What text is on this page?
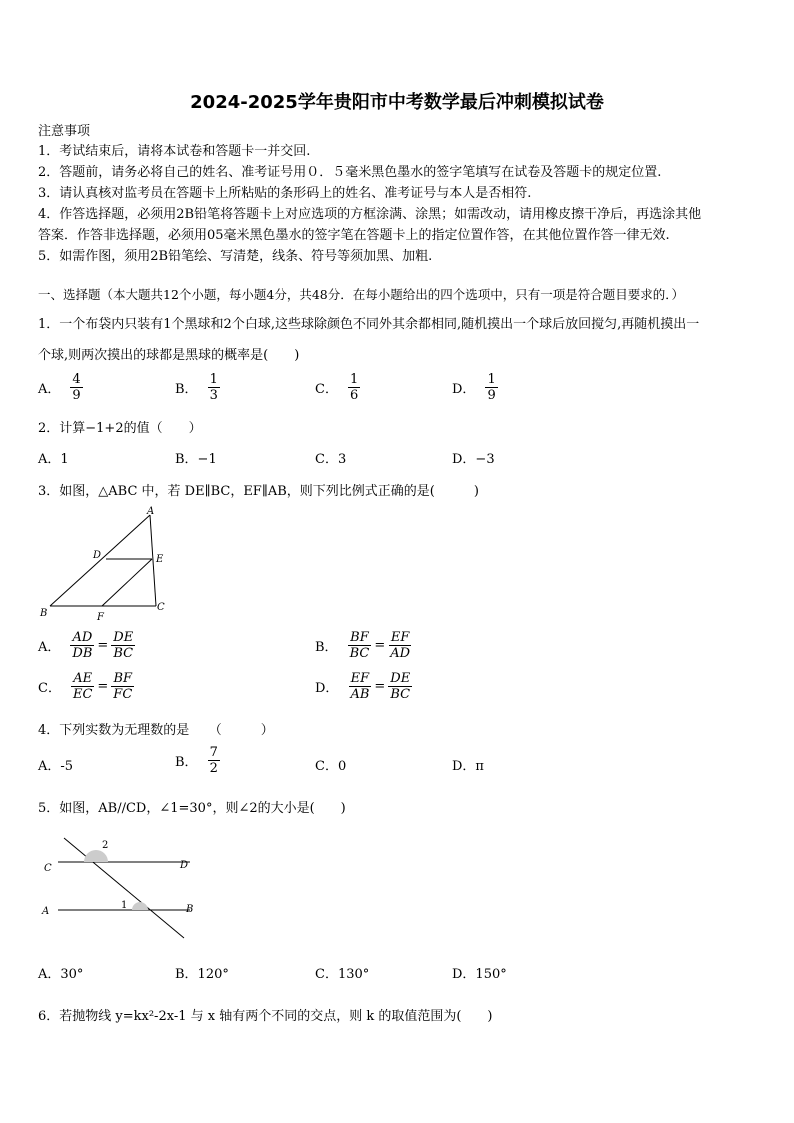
2024-2025学年贵阳市中考数学最后冲刺模拟试卷
注意事项
1．考试结束后，请将本试卷和答题卡一并交回.
2．答题前，请务必将自己的姓名、准考证号用０．５毫米黑色墨水的签字笔填写在试卷及答题卡的规定位置.
3．请认真核对监考员在答题卡上所粘贴的条形码上的姓名、准考证号与本人是否相符.
4．作答选择题，必须用2B铅笔将答题卡上对应选项的方框涂满、涂黑；如需改动，请用橡皮擦干净后，再选涂其他
答案．作答非选择题，必须用05毫米黑色墨水的签字笔在答题卡上的指定位置作答，在其他位置作答一律无效.
5．如需作图，须用2B铅笔绘、写清楚，线条、符号等须加黑、加粗.
一、选择题（本大题共12个小题，每小题4分，共48分．在每小题给出的四个选项中，只有一项是符合题目要求的．）
1．一个布袋内只装有1个黑球和2个白球,这些球除颜色不同外其余都相同,随机摸出一个球后放回搅匀,再随机摸出一
个球,则两次摸出的球都是黑球的概率是(　　)
A． $\frac{4}{9}$	B． $\frac{1}{3}$	C． $\frac{1}{6}$	D． $\frac{1}{9}$
2．计算−1+2的值（　　）
A．1	B．−1	C．3	D．−3
3．如图，△ABC 中，若 DE∥BC，EF∥AB，则下列比例式正确的是(　　　)
A
D	E
B	F
C
A． $\frac{AD}{DB} = \frac{DE}{BC}$	B． $\frac{BF}{BC} = \frac{EF}{AD}$
C． $\frac{AE}{EC} = \frac{BF}{FC}$	D． $\frac{EF}{AB} = \frac{DE}{BC}$
4．下列实数为无理数的是　　（　　　）
A．-5	B． $\frac{7}{2}$	C．0	D．π
5．如图，AB//CD，∠1=30°，则∠2的大小是(　　)
2
C	D
1
A	B
A．30°	B．120°	C．130°	D．150°
6．若抛物线 y=kx²-2x-1 与 x 轴有两个不同的交点，则 k 的取值范围为(　　)
